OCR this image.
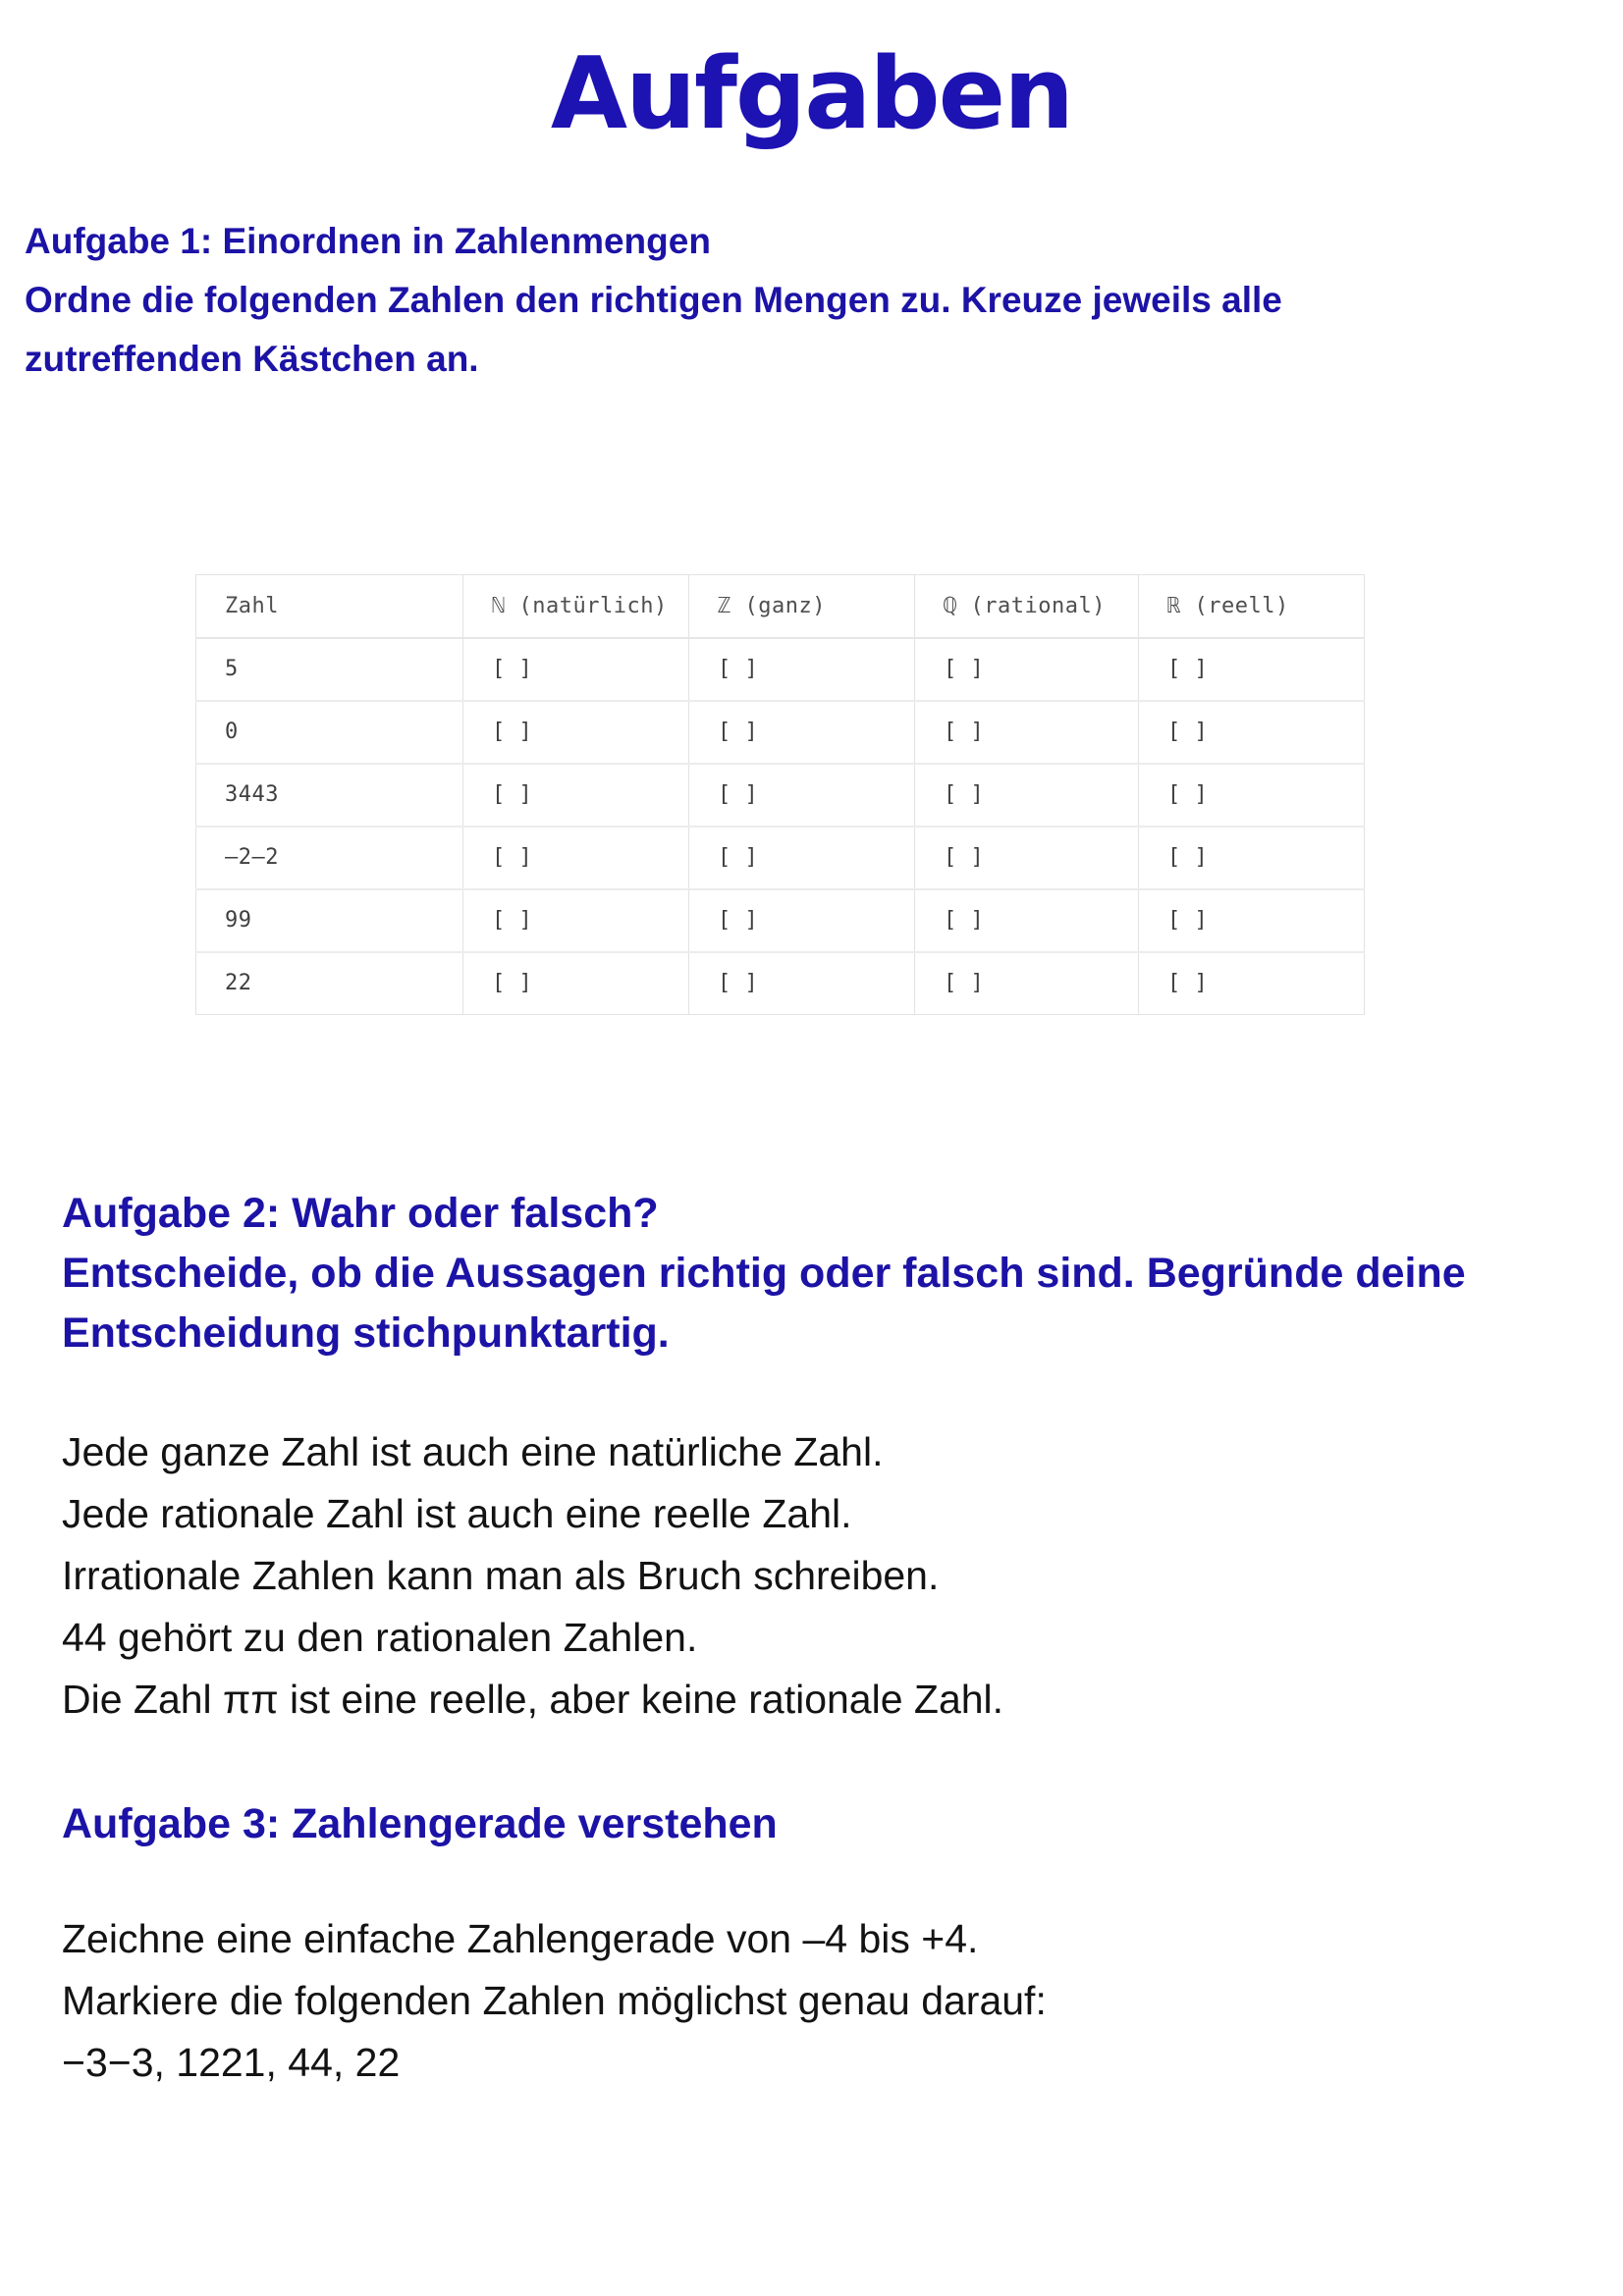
Aufgaben
Aufgabe 1: Einordnen in Zahlenmengen
Ordne die folgenden Zahlen den richtigen Mengen zu. Kreuze jeweils alle
zutreffenden Kästchen an.
Zahl	ℕ (natürlich)	ℤ (ganz)	ℚ (rational)	ℝ (reell)
5	[ ]	[ ]	[ ]	[ ]
0	[ ]	[ ]	[ ]	[ ]
3443	[ ]	[ ]	[ ]	[ ]
–2–2	[ ]	[ ]	[ ]	[ ]
99	[ ]	[ ]	[ ]	[ ]
22	[ ]	[ ]	[ ]	[ ]
Aufgabe 2: Wahr oder falsch?
Entscheide, ob die Aussagen richtig oder falsch sind. Begründe deine
Entscheidung stichpunktartig.
Jede ganze Zahl ist auch eine natürliche Zahl.
Jede rationale Zahl ist auch eine reelle Zahl.
Irrationale Zahlen kann man als Bruch schreiben.
44 gehört zu den rationalen Zahlen.
Die Zahl ππ ist eine reelle, aber keine rationale Zahl.
Aufgabe 3: Zahlengerade verstehen
Zeichne eine einfache Zahlengerade von –4 bis +4.
Markiere die folgenden Zahlen möglichst genau darauf:
−3−3, 1221, 44, 22
